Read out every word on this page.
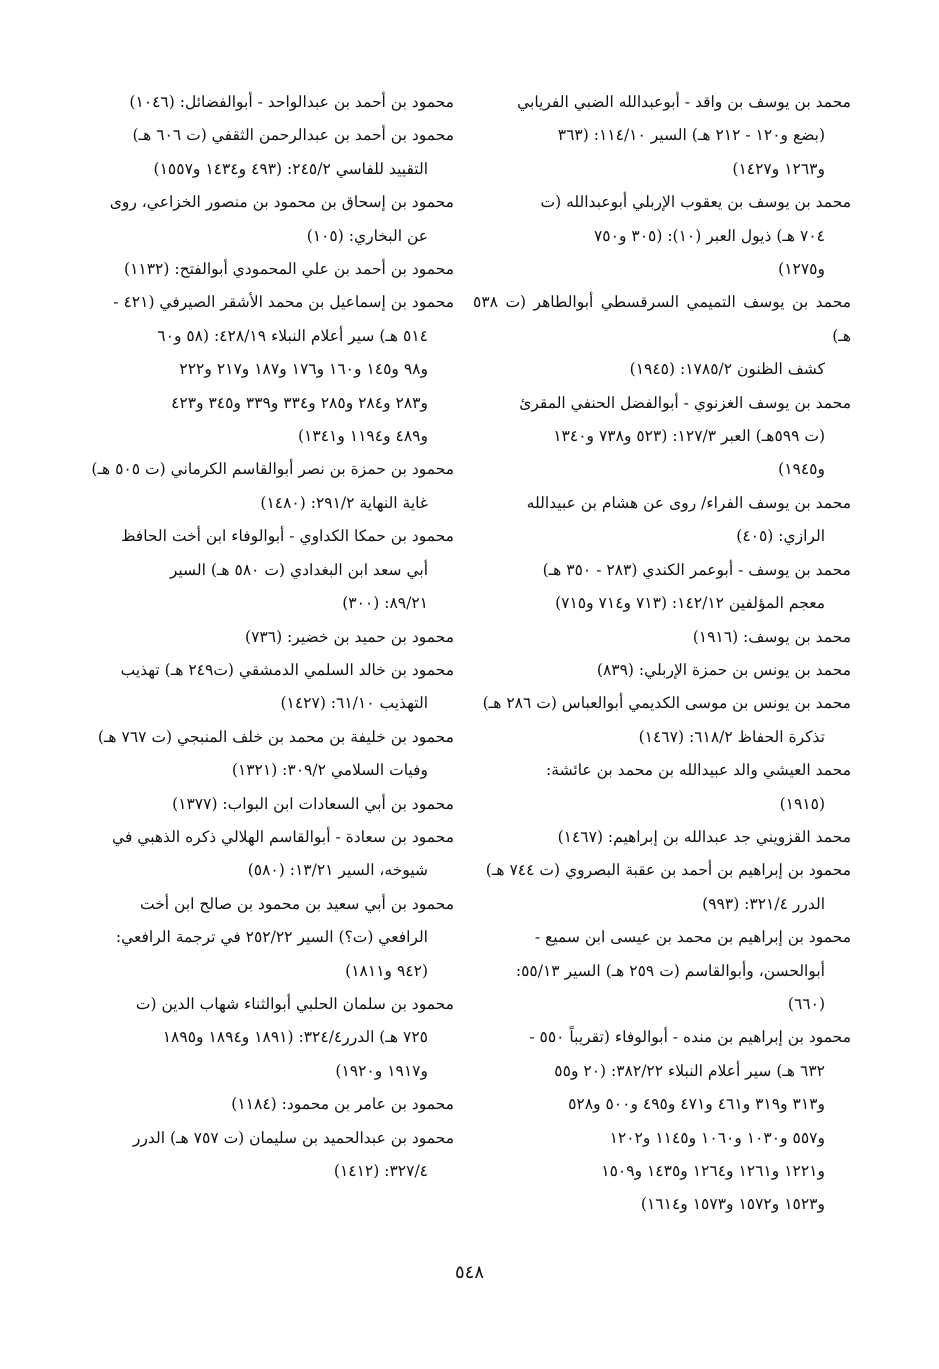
محمد بن يوسف بن واقد - أبوعبدالله الضبي الفريابي
(بضع و١٢٠ - ٢١٢ هـ) السير ١١٤/١٠: (٣٦٣
و١٢٦٣ و١٤٢٧)
محمد بن يوسف بن يعقوب الإربلي أبوعبدالله (ت
٧٠٤ هـ) ذيول العبر (١٠): (٣٠٥ و٧٥٠
و١٢٧٥)
محمد بن يوسف التميمي السرقسطي أبوالطاهر (ت ٥٣٨ هـ)
كشف الظنون ١٧٨٥/٢: (١٩٤٥)
محمد بن يوسف الغزنوي - أبوالفضل الحنفي المقرئ
(ت ٥٩٩هـ) العبر ١٢٧/٣: (٥٢٣ و٧٣٨ و١٣٤٠
و١٩٤٥)
محمد بن يوسف الفراء/ روى عن هشام بن عبيدالله
الرازي: (٤٠٥)
محمد بن يوسف - أبوعمر الكندي (٢٨٣ - ٣٥٠ هـ)
معجم المؤلفين ١٤٢/١٢: (٧١٣ و٧١٤ و٧١٥)
محمد بن يوسف: (١٩١٦)
محمد بن يونس بن حمزة الإربلي: (٨٣٩)
محمد بن يونس بن موسى الكديمي أبوالعباس (ت ٢٨٦ هـ)
تذكرة الحفاظ ٦١٨/٢: (١٤٦٧)
محمد العيشي والد عبيدالله بن محمد بن عائشة:
(١٩١٥)
محمد القزويني جد عبدالله بن إبراهيم: (١٤٦٧)
محمود بن إبراهيم بن أحمد بن عقبة البصروي (ت ٧٤٤ هـ)
الدرر ٣٢١/٤: (٩٩٣)
محمود بن إبراهيم بن محمد بن عيسى ابن سميع -
أبوالحسن، وأبوالقاسم (ت ٢٥٩ هـ) السير ٥٥/١٣:
(٦٦٠)
محمود بن إبراهيم بن منده - أبوالوفاء (تقريباً ٥٥٠ -
٦٣٢ هـ) سير أعلام النبلاء ٣٨٢/٢٢: (٢٠ و٥٥
و٣١٣ و٣١٩ و٤٦١ و٤٧١ و٤٩٥ و٥٠٠ و٥٢٨
و٥٥٧ و١٠٣٠ و١٠٦٠ و١١٤٥ و١٢٠٢
و١٢٢١ و١٢٦١ و١٢٦٤ و١٤٣٥ و١٥٠٩
و١٥٢٣ و١٥٧٢ و١٥٧٣ و١٦١٤)
محمود بن أحمد بن عبدالواحد - أبوالفضائل: (١٠٤٦)
محمود بن أحمد بن عبدالرحمن الثقفي (ت ٦٠٦ هـ)
التقييد للفاسي ٢٤٥/٢: (٤٩٣ و١٤٣٤ و١٥٥٧)
محمود بن إسحاق بن محمود بن منصور الخزاعي، روى
عن البخاري: (١٠٥)
محمود بن أحمد بن علي المحمودي أبوالفتح: (١١٣٢)
محمود بن إسماعيل بن محمد الأشقر الصيرفي (٤٢١ -
٥١٤ هـ) سير أعلام النبلاء ٤٢٨/١٩: (٥٨ و٦٠
و٩٨ و١٤٥ و١٦٠ و١٧٦ و١٨٧ و٢١٧ و٢٢٢
و٢٨٣ و٢٨٤ و٢٨٥ و٣٣٤ و٣٣٩ و٣٤٥ و٤٢٣
و٤٨٩ و١١٩٤ و١٣٤١)
محمود بن حمزة بن نصر أبوالقاسم الكرماني (ت ٥٠٥ هـ)
غاية النهاية ٢٩١/٢: (١٤٨٠)
محمود بن حمكا الكداوي - أبوالوفاء ابن أخت الحافظ
أبي سعد ابن البغدادي (ت ٥٨٠ هـ) السير
٨٩/٢١: (٣٠٠)
محمود بن حميد بن خضير: (٧٣٦)
محمود بن خالد السلمي الدمشقي (ت٢٤٩ هـ) تهذيب
التهذيب ٦١/١٠: (١٤٢٧)
محمود بن خليفة بن محمد بن خلف المنبجي (ت ٧٦٧ هـ)
وفيات السلامي ٣٠٩/٢: (١٣٢١)
محمود بن أبي السعادات ابن البواب: (١٣٧٧)
محمود بن سعادة - أبوالقاسم الهلالي ذكره الذهبي في
شيوخه، السير ١٣/٢١: (٥٨٠)
محمود بن أبي سعيد بن محمود بن صالح ابن أخت
الرافعي (ت؟) السير ٢٥٢/٢٢ في ترجمة الرافعي:
(٩٤٢ و١٨١١)
محمود بن سلمان الحلبي أبوالثناء شهاب الدين (ت
٧٢٥ هـ) الدرر٣٢٤/٤: (١٨٩١ و١٨٩٤ و١٨٩٥
و١٩١٧ و١٩٢٠)
محمود بن عامر بن محمود: (١١٨٤)
محمود بن عبدالحميد بن سليمان (ت ٧٥٧ هـ) الدرر
٣٢٧/٤: (١٤١٢)
٥٤٨
